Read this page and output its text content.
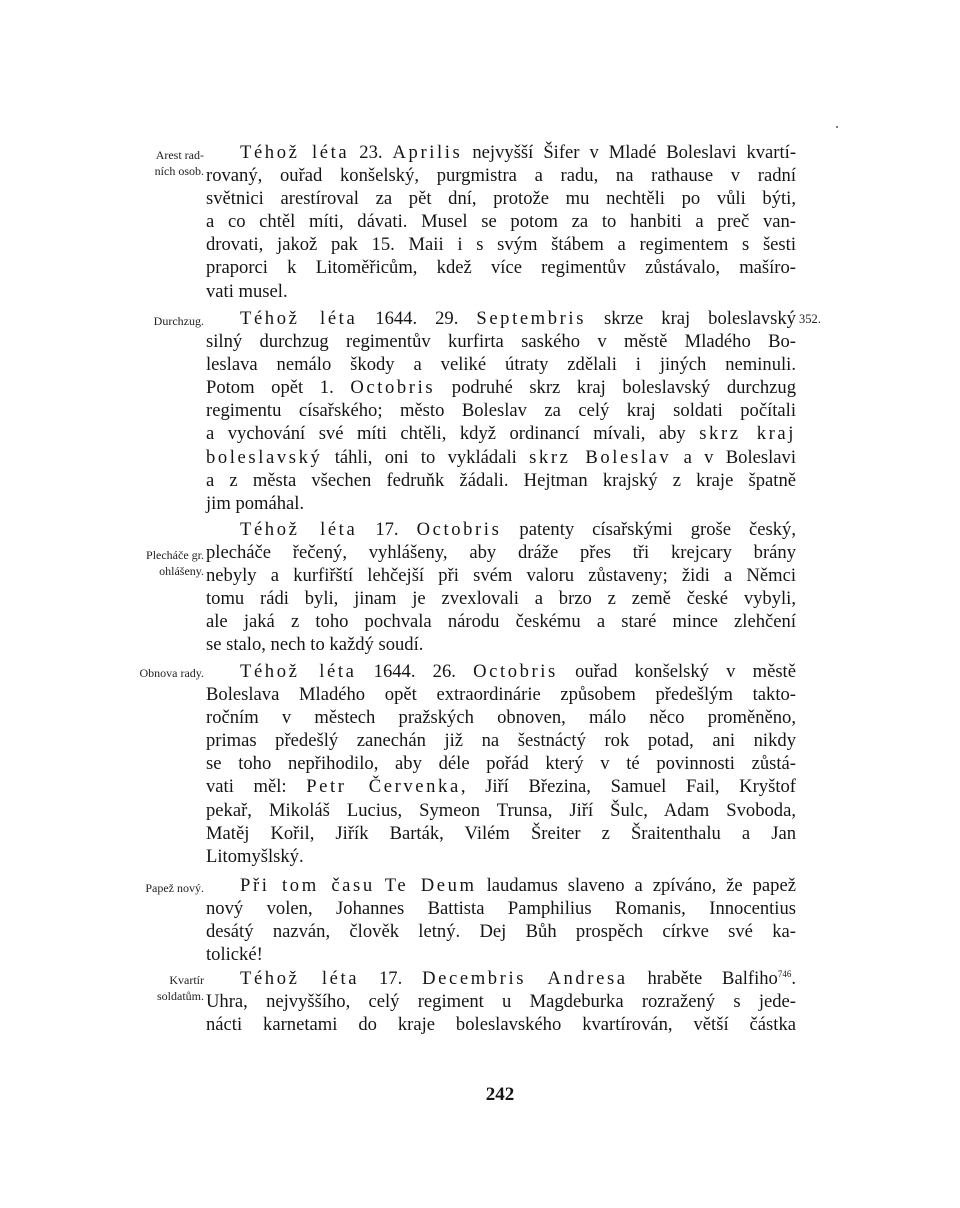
Arest rad-
ních osob.
Durchzug.
Plecháče gr.
ohlášeny.
Obnova rady.
Papež nový.
Kvartír
soldatům.
Téhož léta 23. Aprilis nejvyšší Šifer v Mladé Boleslavi kvartí-
rovaný, ouřad konšelský, purgmistra a radu, na rathause v radní
světnici arestíroval za pět dní, protože mu nechtěli po vůli býti,
a co chtěl míti, dávati. Musel se potom za to hanbiti a preč van-
drovati, jakož pak 15. Maii i s svým štábem a regimentem s šesti
praporci k Litoměřicům, kdež více regimentův zůstávalo, mašíro-
vati musel.
Téhož léta 1644. 29. Septembris skrze kraj boleslavský
silný durchzug regimentův kurfirta saského v městě Mladého Bo-
leslava nemálo škody a veliké útraty zdělali i jiných neminuli.
Potom opět 1. Octobris podruhé skrz kraj boleslavský durchzug
regimentu císařského; město Boleslav za celý kraj soldati počítali
a vychování své míti chtěli, když ordinancí mívali, aby skrz kraj
boleslavský táhli, oni to vykládali skrz Boleslav a v Boleslavi
a z města všechen fedruňk žádali. Hejtman krajský z kraje špatně
jim pomáhal.
Téhož léta 17. Octobris patenty císařskými groše český,
plecháče řečený, vyhlášeny, aby dráže přes tři krejcary brány
nebyly a kurfiřští lehčejší při svém valoru zůstaveny; židi a Němci
tomu rádi byli, jinam je zvexlovali a brzo z země české vybyli,
ale jaká z toho pochvala národu českému a staré mince zlehčení
se stalo, nech to každý soudí.
Téhož léta 1644. 26. Octobris ouřad konšelský v městě
Boleslava Mladého opět extraordinárie způsobem předešlým takto-
ročním v městech pražských obnoven, málo něco proměněno,
primas předešlý zanechán již na šestnáctý rok potad, ani nikdy
se toho nepřihodilo, aby déle pořád který v té povinnosti zůstá-
vati měl: Petr Červenka, Jiří Březina, Samuel Fail, Kryštof
pekař, Mikoláš Lucius, Symeon Trunsa, Jiří Šulc, Adam Svoboda,
Matěj Kořil, Jiřík Barták, Vilém Šreiter z Šraitenthalu a Jan
Litomyšlský.
Při tom času Te Deum laudamus slaveno a zpíváno, že papež
nový volen, Johannes Battista Pamphilius Romanis, Innocentius
desátý nazván, člověk letný. Dej Bůh prospěch církve své ka-
tolické!
Téhož léta 17. Decembris Andresa hraběte Balfiho$^{746}$.
Uhra, nejvyššího, celý regiment u Magdeburka rozražený s jede-
nácti karnetami do kraje boleslavského kvartírován, větší částka
352.
242
